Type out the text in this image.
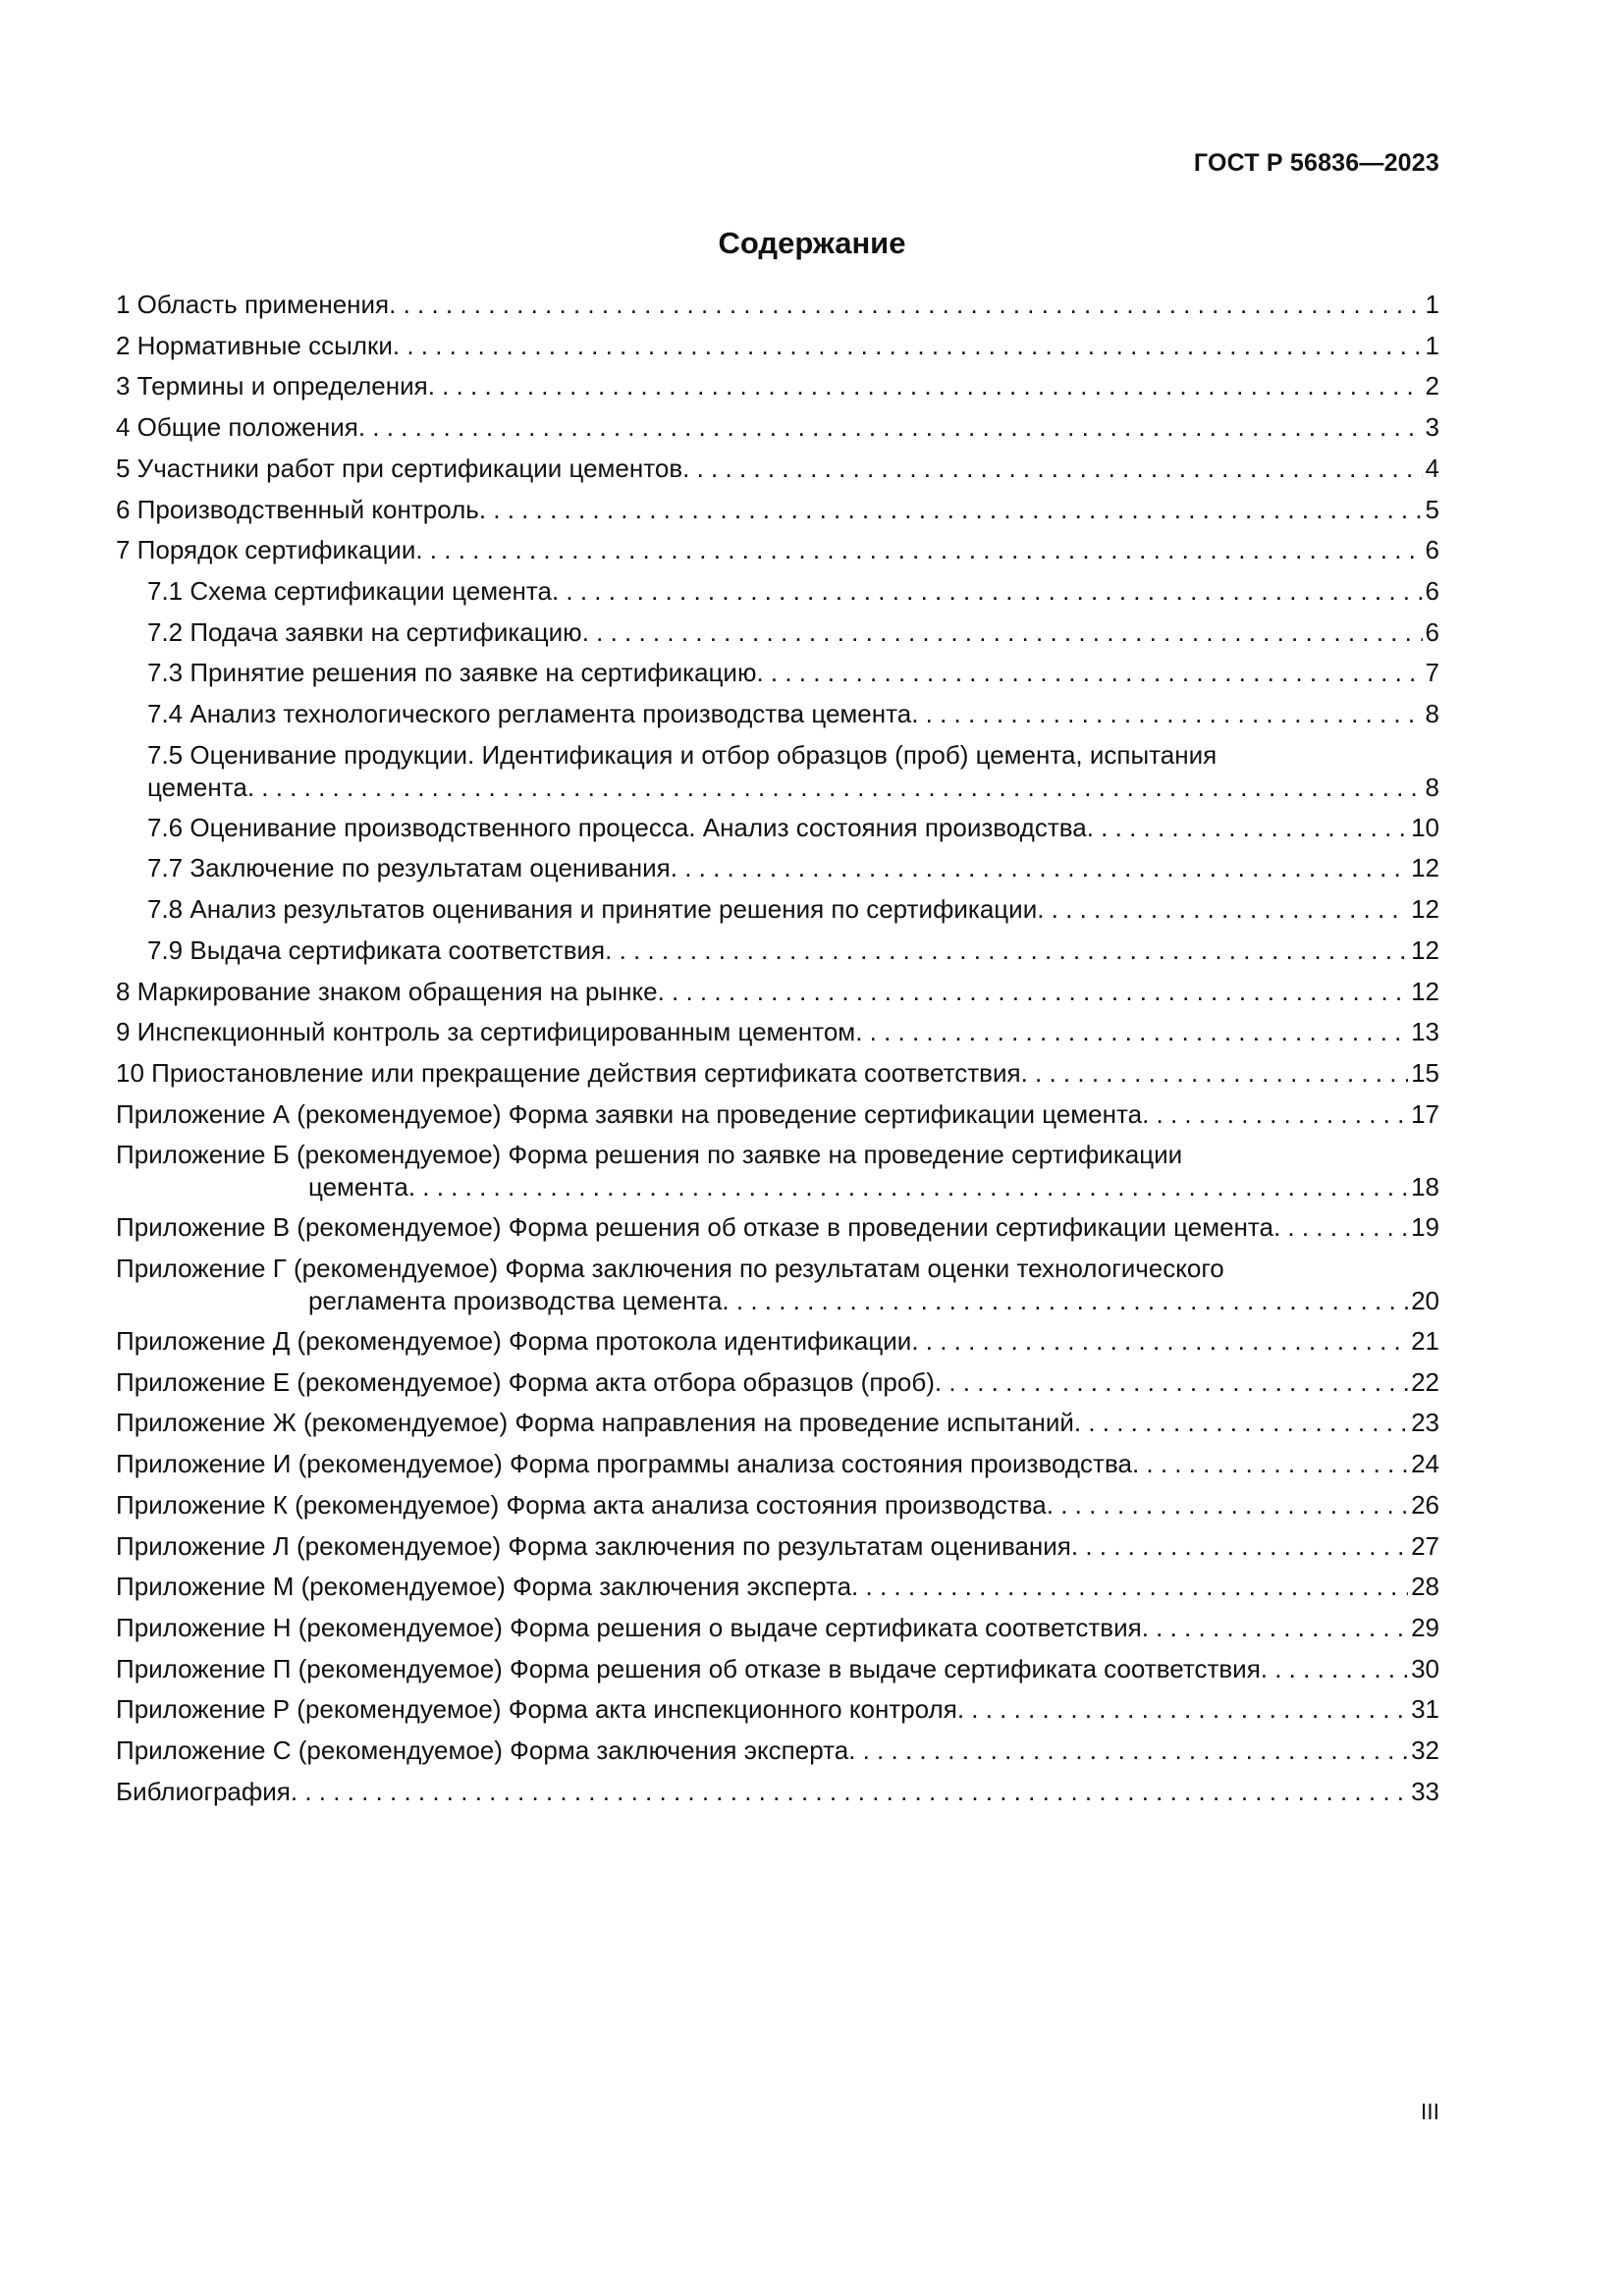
ГОСТ Р 56836—2023
Содержание
1 Область применения . . .	1
2 Нормативные ссылки . . .	1
3 Термины и определения . . .	2
4 Общие положения . . .	3
5 Участники работ при сертификации цементов . . .	4
6 Производственный контроль . . .	5
7 Порядок сертификации . . .	6
7.1 Схема сертификации цемента . . .	6
7.2 Подача заявки на сертификацию . . .	6
7.3 Принятие решения по заявке на сертификацию . . .	7
7.4 Анализ технологического регламента производства цемента . . .	8
7.5 Оценивание продукции. Идентификация и отбор образцов (проб) цемента, испытания
цемента . . .	8
7.6 Оценивание производственного процесса. Анализ состояния производства . . .	10
7.7 Заключение по результатам оценивания . . .	12
7.8 Анализ результатов оценивания и принятие решения по сертификации . . .	12
7.9 Выдача сертификата соответствия . . .	12
8 Маркирование знаком обращения на рынке . . .	12
9 Инспекционный контроль за сертифицированным цементом . . .	13
10 Приостановление или прекращение действия сертификата соответствия . . .	15
Приложение А (рекомендуемое) Форма заявки на проведение сертификации цемента . . .	17
Приложение Б (рекомендуемое) Форма решения по заявке на проведение сертификации
цемента . . .	18
Приложение В (рекомендуемое) Форма решения об отказе в проведении сертификации цемента . . .	19
Приложение Г (рекомендуемое) Форма заключения по результатам оценки технологического
регламента производства цемента . . .	20
Приложение Д (рекомендуемое) Форма протокола идентификации . . .	21
Приложение Е (рекомендуемое) Форма акта отбора образцов (проб) . . .	22
Приложение Ж (рекомендуемое) Форма направления на проведение испытаний . . .	23
Приложение И (рекомендуемое) Форма программы анализа состояния производства . . .	24
Приложение К (рекомендуемое) Форма акта анализа состояния производства . . .	26
Приложение Л (рекомендуемое) Форма заключения по результатам оценивания . . .	27
Приложение М (рекомендуемое) Форма заключения эксперта . . .	28
Приложение Н (рекомендуемое) Форма решения о выдаче сертификата соответствия . . .	29
Приложение П (рекомендуемое) Форма решения об отказе в выдаче сертификата соответствия . . .	30
Приложение Р (рекомендуемое) Форма акта инспекционного контроля . . .	31
Приложение С (рекомендуемое) Форма заключения эксперта . . .	32
Библиография . . .	33
III
